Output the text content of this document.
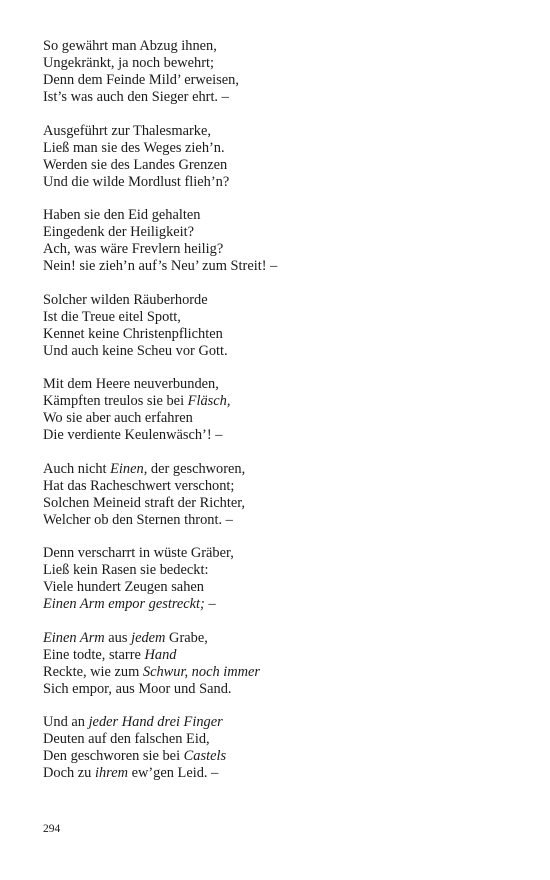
So gewährt man Abzug ihnen,

Ungekränkt, ja noch bewehrt;

Denn dem Feinde Mild’ erweisen,

Ist’s was auch den Sieger ehrt. –

Ausgeführt zur Thalesmarke,

Ließ man sie des Weges zieh’n.

Werden sie des Landes Grenzen

Und die wilde Mordlust flieh’n?

Haben sie den Eid gehalten

Eingedenk der Heiligkeit?

Ach, was wäre Frevlern heilig?

Nein! sie zieh’n auf’s Neu’ zum Streit! –

Solcher wilden Räuberhorde

Ist die Treue eitel Spott,

Kennet keine Christenpflichten

Und auch keine Scheu vor Gott.

Mit dem Heere neuverbunden,

Kämpften treulos sie bei Fläsch,

Wo sie aber auch erfahren

Die verdiente Keulenwäsch’! –

Auch nicht Einen, der geschworen,

Hat das Racheschwert verschont;

Solchen Meineid straft der Richter,

Welcher ob den Sternen thront. –

Denn verscharrt in wüste Gräber,

Ließ kein Rasen sie bedeckt:

Viele hundert Zeugen sahen

Einen Arm empor gestreckt; –

Einen Arm aus jedem Grabe,

Eine todte, starre Hand

Reckte, wie zum Schwur, noch immer

Sich empor, aus Moor und Sand.

Und an jeder Hand drei Finger

Deuten auf den falschen Eid,

Den geschworen sie bei Castels

Doch zu ihrem ew’gen Leid. –

294
